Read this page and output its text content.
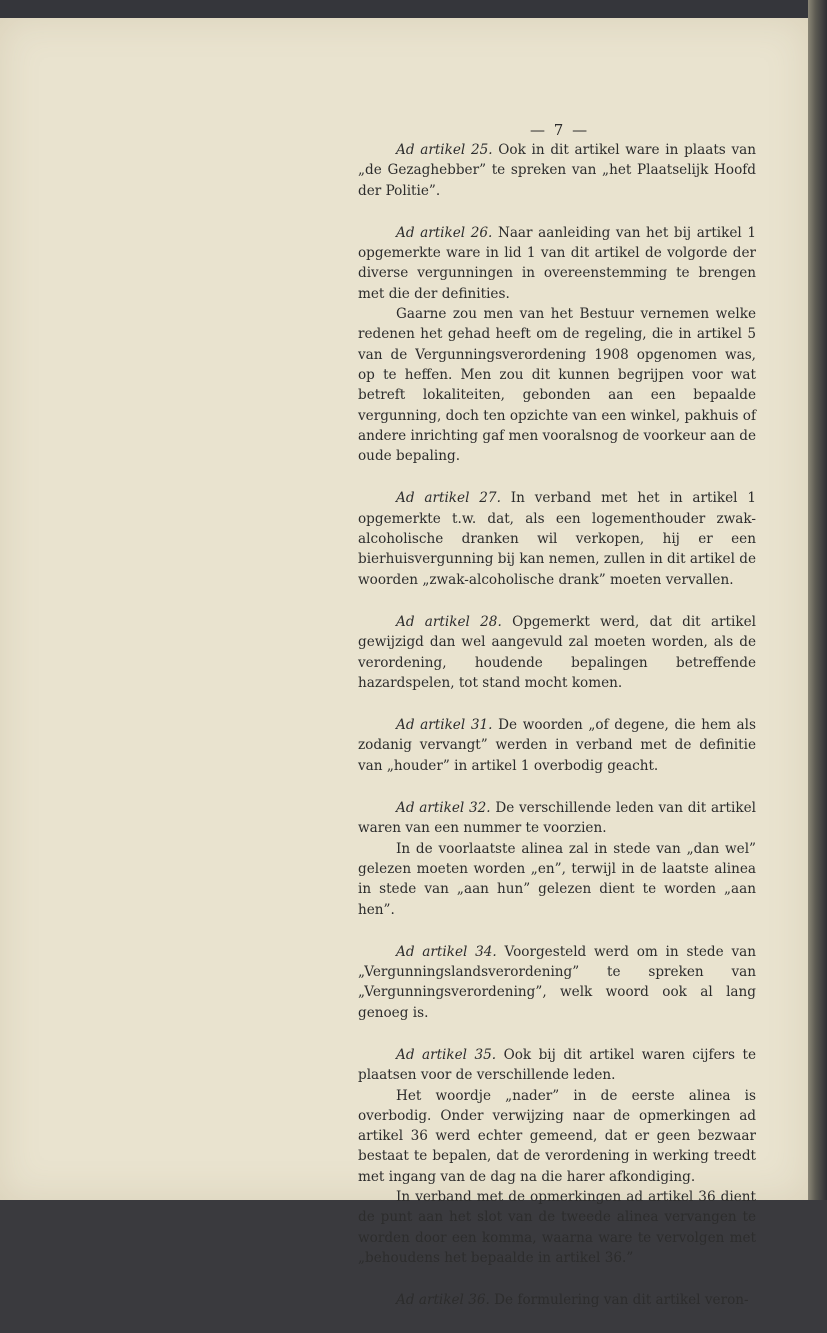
— 7 —

Ad artikel 25. Ook in dit artikel ware in plaats van „de Gezaghebber” te spreken van „het Plaatselijk Hoofd der Politie”.

Ad artikel 26. Naar aanleiding van het bij artikel 1 opgemerkte ware in lid 1 van dit artikel de volgorde der diverse vergunningen in overeenstemming te brengen met die der definities.

Gaarne zou men van het Bestuur vernemen welke redenen het gehad heeft om de regeling, die in artikel 5 van de Vergunningsverordening 1908 opgenomen was, op te heffen. Men zou dit kunnen begrijpen voor wat betreft lokaliteiten, gebonden aan een bepaalde vergunning, doch ten opzichte van een winkel, pakhuis of andere inrichting gaf men vooralsnog de voorkeur aan de oude bepaling.

Ad artikel 27. In verband met het in artikel 1 opgemerkte t.w. dat, als een logementhouder zwak-alcoholische dranken wil verkopen, hij er een bierhuisvergunning bij kan nemen, zullen in dit artikel de woorden „zwak-alcoholische drank” moeten vervallen.

Ad artikel 28. Opgemerkt werd, dat dit artikel gewijzigd dan wel aangevuld zal moeten worden, als de verordening, houdende bepalingen betreffende hazardspelen, tot stand mocht komen.

Ad artikel 31. De woorden „of degene, die hem als zodanig vervangt” werden in verband met de definitie van „houder” in artikel 1 overbodig geacht.

Ad artikel 32. De verschillende leden van dit artikel waren van een nummer te voorzien.

In de voorlaatste alinea zal in stede van „dan wel” gelezen moeten worden „en”, terwijl in de laatste alinea in stede van „aan hun” gelezen dient te worden „aan hen”.

Ad artikel 34. Voorgesteld werd om in stede van „Vergunningslandsverordening” te spreken van „Vergunningsverordening”, welk woord ook al lang genoeg is.

Ad artikel 35. Ook bij dit artikel waren cijfers te plaatsen voor de verschillende leden.

Het woordje „nader” in de eerste alinea is overbodig. Onder verwijzing naar de opmerkingen ad artikel 36 werd echter gemeend, dat er geen bezwaar bestaat te bepalen, dat de verordening in werking treedt met ingang van de dag na die harer afkondiging.

In verband met de opmerkingen ad artikel 36 dient de punt aan het slot van de tweede alinea vervangen te worden door een komma, waarna ware te vervolgen met „behoudens het bepaalde in artikel 36.”

Ad artikel 36. De formulering van dit artikel veron-
